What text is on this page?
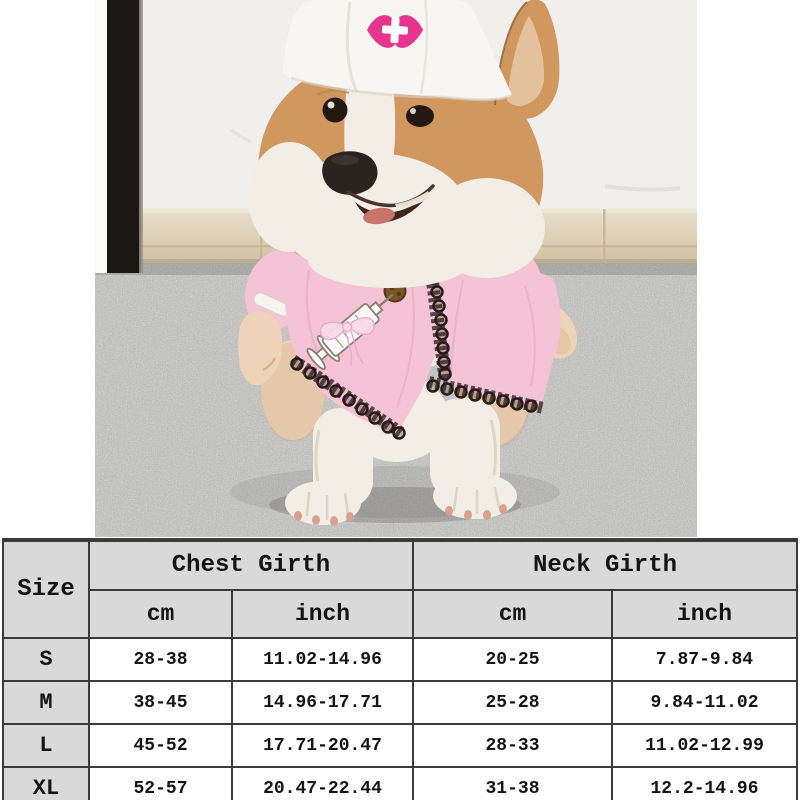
Size	Chest Girth		Neck Girth	
	cm	inch	cm	inch
S	28-38	11.02-14.96	20-25	7.87-9.84
M	38-45	14.96-17.71	25-28	9.84-11.02
L	45-52	17.71-20.47	28-33	11.02-12.99
XL	52-57	20.47-22.44	31-38	12.2-14.96
